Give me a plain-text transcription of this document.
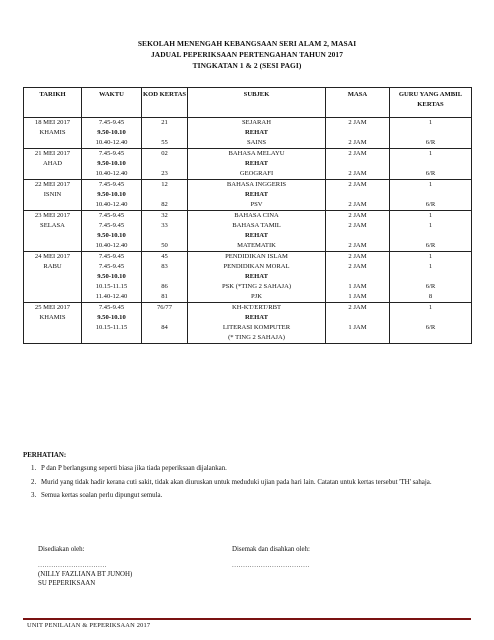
SEKOLAH MENENGAH KEBANGSAAN SERI ALAM 2, MASAI
JADUAL PEPERIKSAAN PERTENGAHAN TAHUN 2017
TINGKATAN 1 & 2 (SESI PAGI)
TARIKH	WAKTU	KOD KERTAS	SUBJEK	MASA	GURU YANG AMBIL KERTAS
18 MEI 2017	7.45-9.45	21	SEJARAH	2 JAM	1
KHAMIS	9.50-10.10		REHAT		
	10.40-12.40	55	SAINS	2 JAM	6/R
21 MEI 2017	7.45-9.45	02	BAHASA MELAYU	2 JAM	1
AHAD	9.50-10.10		REHAT		
	10.40-12.40	23	GEOGRAFI	2 JAM	6/R
22 MEI 2017	7.45-9.45	12	BAHASA INGGERIS	2 JAM	1
ISNIN	9.50-10.10		REHAT		
	10.40-12.40	82	PSV	2 JAM	6/R
23 MEI 2017	7.45-9.45	32	BAHASA CINA	2 JAM	1
SELASA	7.45-9.45	33	BAHASA TAMIL	2 JAM	1
	9.50-10.10		REHAT		
	10.40-12.40	50	MATEMATIK	2 JAM	6/R
24 MEI 2017	7.45-9.45	45	PENDIDIKAN ISLAM	2 JAM	1
RABU	7.45-9.45	83	PENDIDIKAN MORAL	2 JAM	1
	9.50-10.10		REHAT		
	10.15-11.15	86	PSK (*TING 2 SAHAJA)	1 JAM	6/R
	11.40-12.40	81	PJK	1 JAM	8
25 MEI 2017	7.45-9.45	76/77	KH-KT/ERT/RBT	2 JAM	1
KHAMIS	9.50-10.10		REHAT		
	10.15-11.15	84	LITERASI KOMPUTER	1 JAM	6/R
			(* TING 2 SAHAJA)		
PERHATIAN:
1. P dan P berlangsung seperti biasa jika tiada peperiksaan dijalankan.
2. Murid yang tidak hadir kerana cuti sakit, tidak akan diuruskan untuk meduduki ujian pada hari lain. Catatan untuk kertas tersebut 'TH' sahaja.
3. Semua kertas soalan perlu dipungut semula.
Disediakan oleh:
...............................
(NILLY FAZLIANA BT JUNOH)
SU PEPERIKSAAN
Disemak dan disahkan oleh:
...................................
UNIT PENILAIAN & PEPERIKSAAN 2017
